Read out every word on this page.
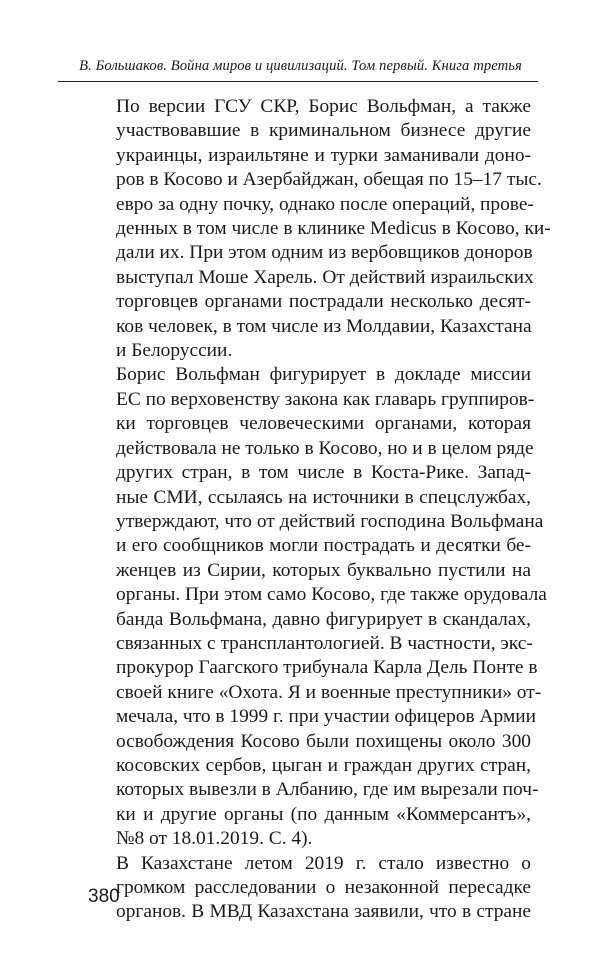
В. Большаков. Война миров и цивилизаций. Том первый. Книга третья

По версии ГСУ СКР, Борис Вольфман, а также
участвовавшие в криминальном бизнесе другие
украинцы, израильтяне и турки заманивали доно-
ров в Косово и Азербайджан, обещая по 15–17 тыс.
евро за одну почку, однако после операций, прове-
денных в том числе в клинике Medicus в Косово, ки-
дали их. При этом одним из вербовщиков доноров
выступал Моше Харель. От действий израильских
торговцев органами пострадали несколько десят-
ков человек, в том числе из Молдавии, Казахстана
и Белоруссии.

Борис Вольфман фигурирует в докладе миссии
ЕС по верховенству закона как главарь группиров-
ки торговцев человеческими органами, которая
действовала не только в Косово, но и в целом ряде
других стран, в том числе в Коста-Рике. Запад-
ные СМИ, ссылаясь на источники в спецслужбах,
утверждают, что от действий господина Вольфмана
и его сообщников могли пострадать и десятки бе-
женцев из Сирии, которых буквально пустили на
органы. При этом само Косово, где также орудовала
банда Вольфмана, давно фигурирует в скандалах,
связанных с трансплантологией. В частности, экс-
прокурор Гаагского трибунала Карла Дель Понте в
своей книге «Охота. Я и военные преступники» от-
мечала, что в 1999 г. при участии офицеров Армии
освобождения Косово были похищены около 300
косовских сербов, цыган и граждан других стран,
которых вывезли в Албанию, где им вырезали поч-
ки и другие органы (по данным «Коммерсантъ»,
№8 от 18.01.2019. С. 4).

В Казахстане летом 2019 г. стало известно о
громком расследовании о незаконной пересадке
органов. В МВД Казахстана заявили, что в стране

380
